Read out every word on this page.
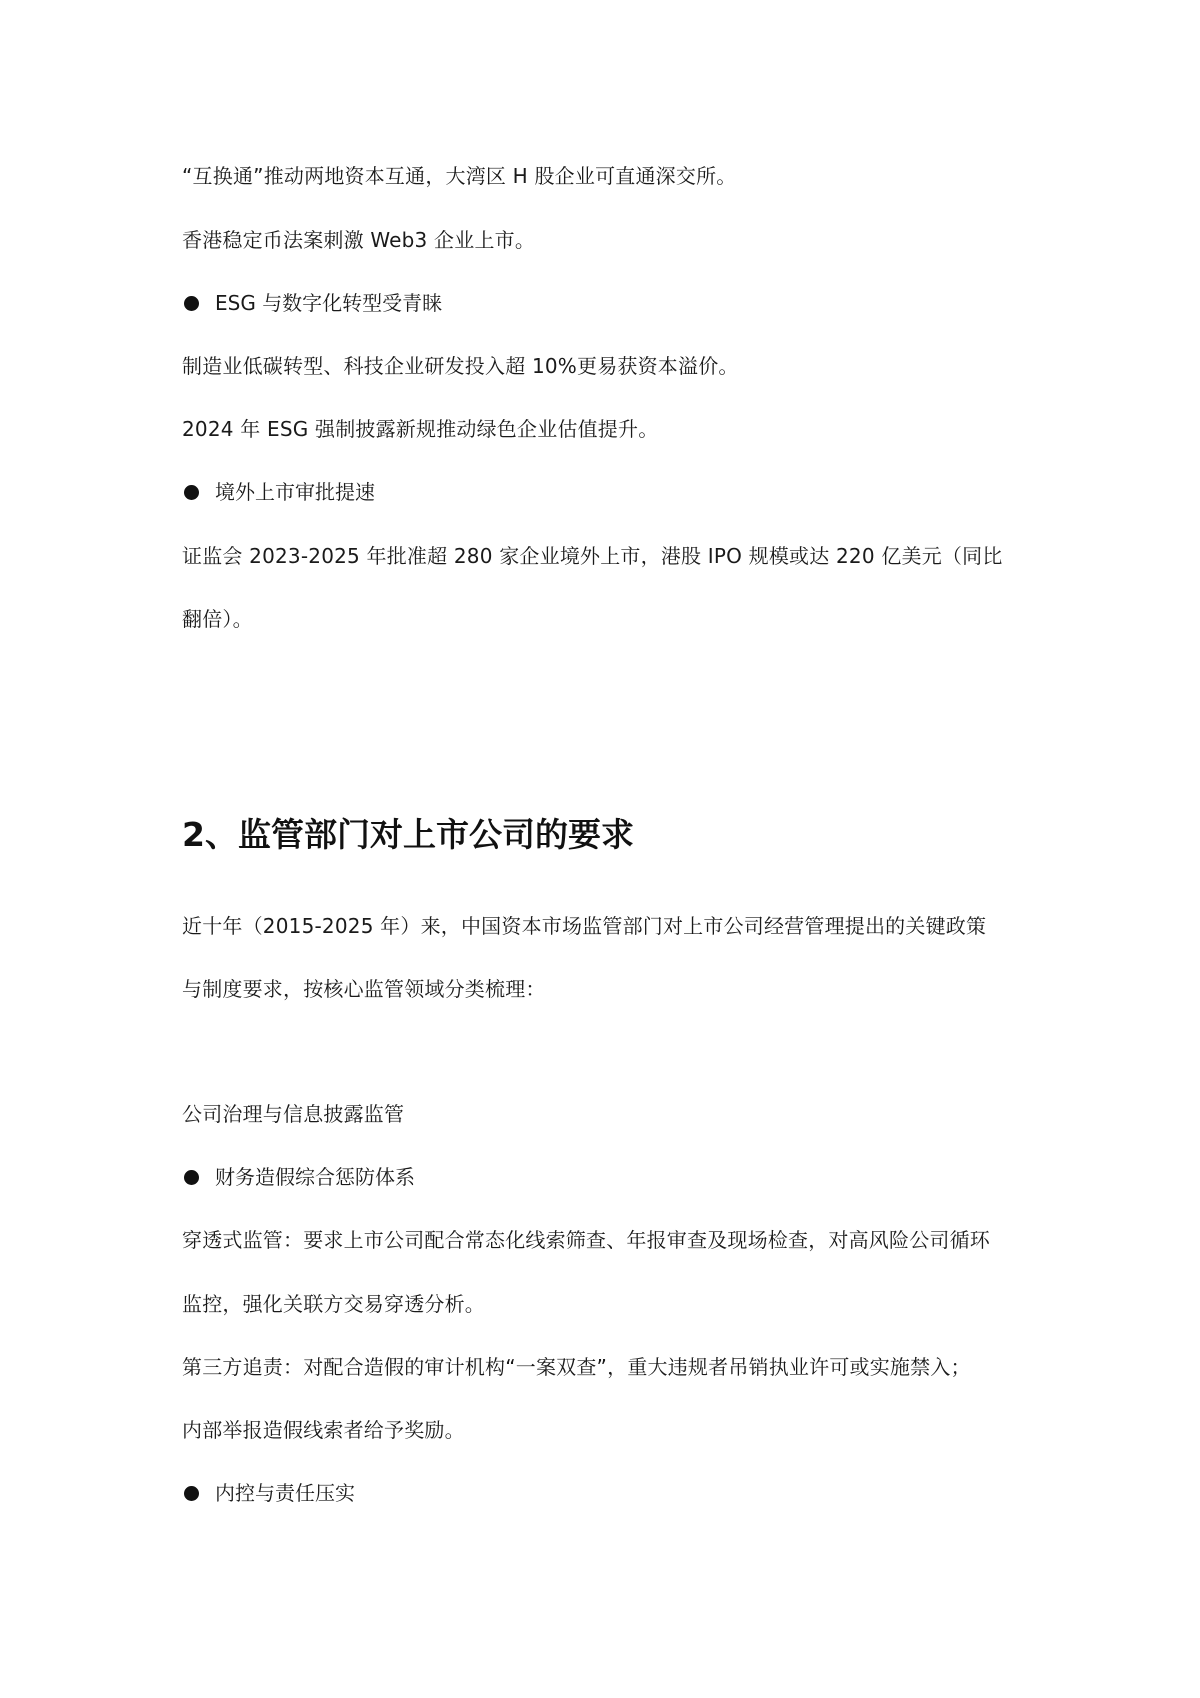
“互换通”推动两地资本互通，大湾区 H 股企业可直通深交所。
香港稳定币法案刺激 Web3 企业上市。
ESG 与数字化转型受青睐
制造业低碳转型、科技企业研发投入超 10%更易获资本溢价。
2024 年 ESG 强制披露新规推动绿色企业估值提升。
境外上市审批提速
证监会 2023-2025 年批准超 280 家企业境外上市，港股 IPO 规模或达 220 亿美元（同比
翻倍）。
2、监管部门对上市公司的要求
近十年（2015-2025 年）来，中国资本市场监管部门对上市公司经营管理提出的关键政策
与制度要求，按核心监管领域分类梳理：
公司治理与信息披露监管
财务造假综合惩防体系
穿透式监管：要求上市公司配合常态化线索筛查、年报审查及现场检查，对高风险公司循环
监控，强化关联方交易穿透分析。
第三方追责：对配合造假的审计机构“一案双查”，重大违规者吊销执业许可或实施禁入；
内部举报造假线索者给予奖励。
内控与责任压实
